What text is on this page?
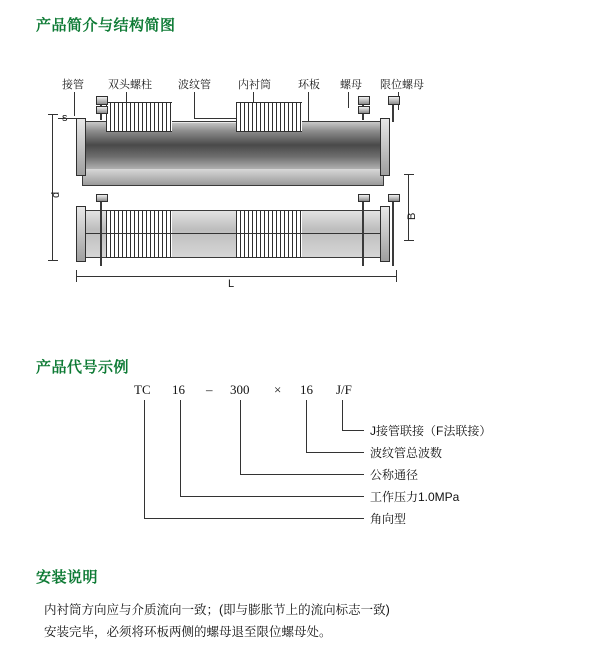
产品简介与结构简图
接管 双头螺柱 波纹管 内衬筒 环板 螺母 限位螺母
d
B
L
产品代号示例
TC 16 – 300 × 16 J/F
J接管联接（F法联接）
波纹管总波数
公称通径
工作压力1.0MPa
角向型
安装说明
内衬筒方向应与介质流向一致；(即与膨胀节上的流向标志一致)
安装完毕，必须将环板两侧的螺母退至限位螺母处。
